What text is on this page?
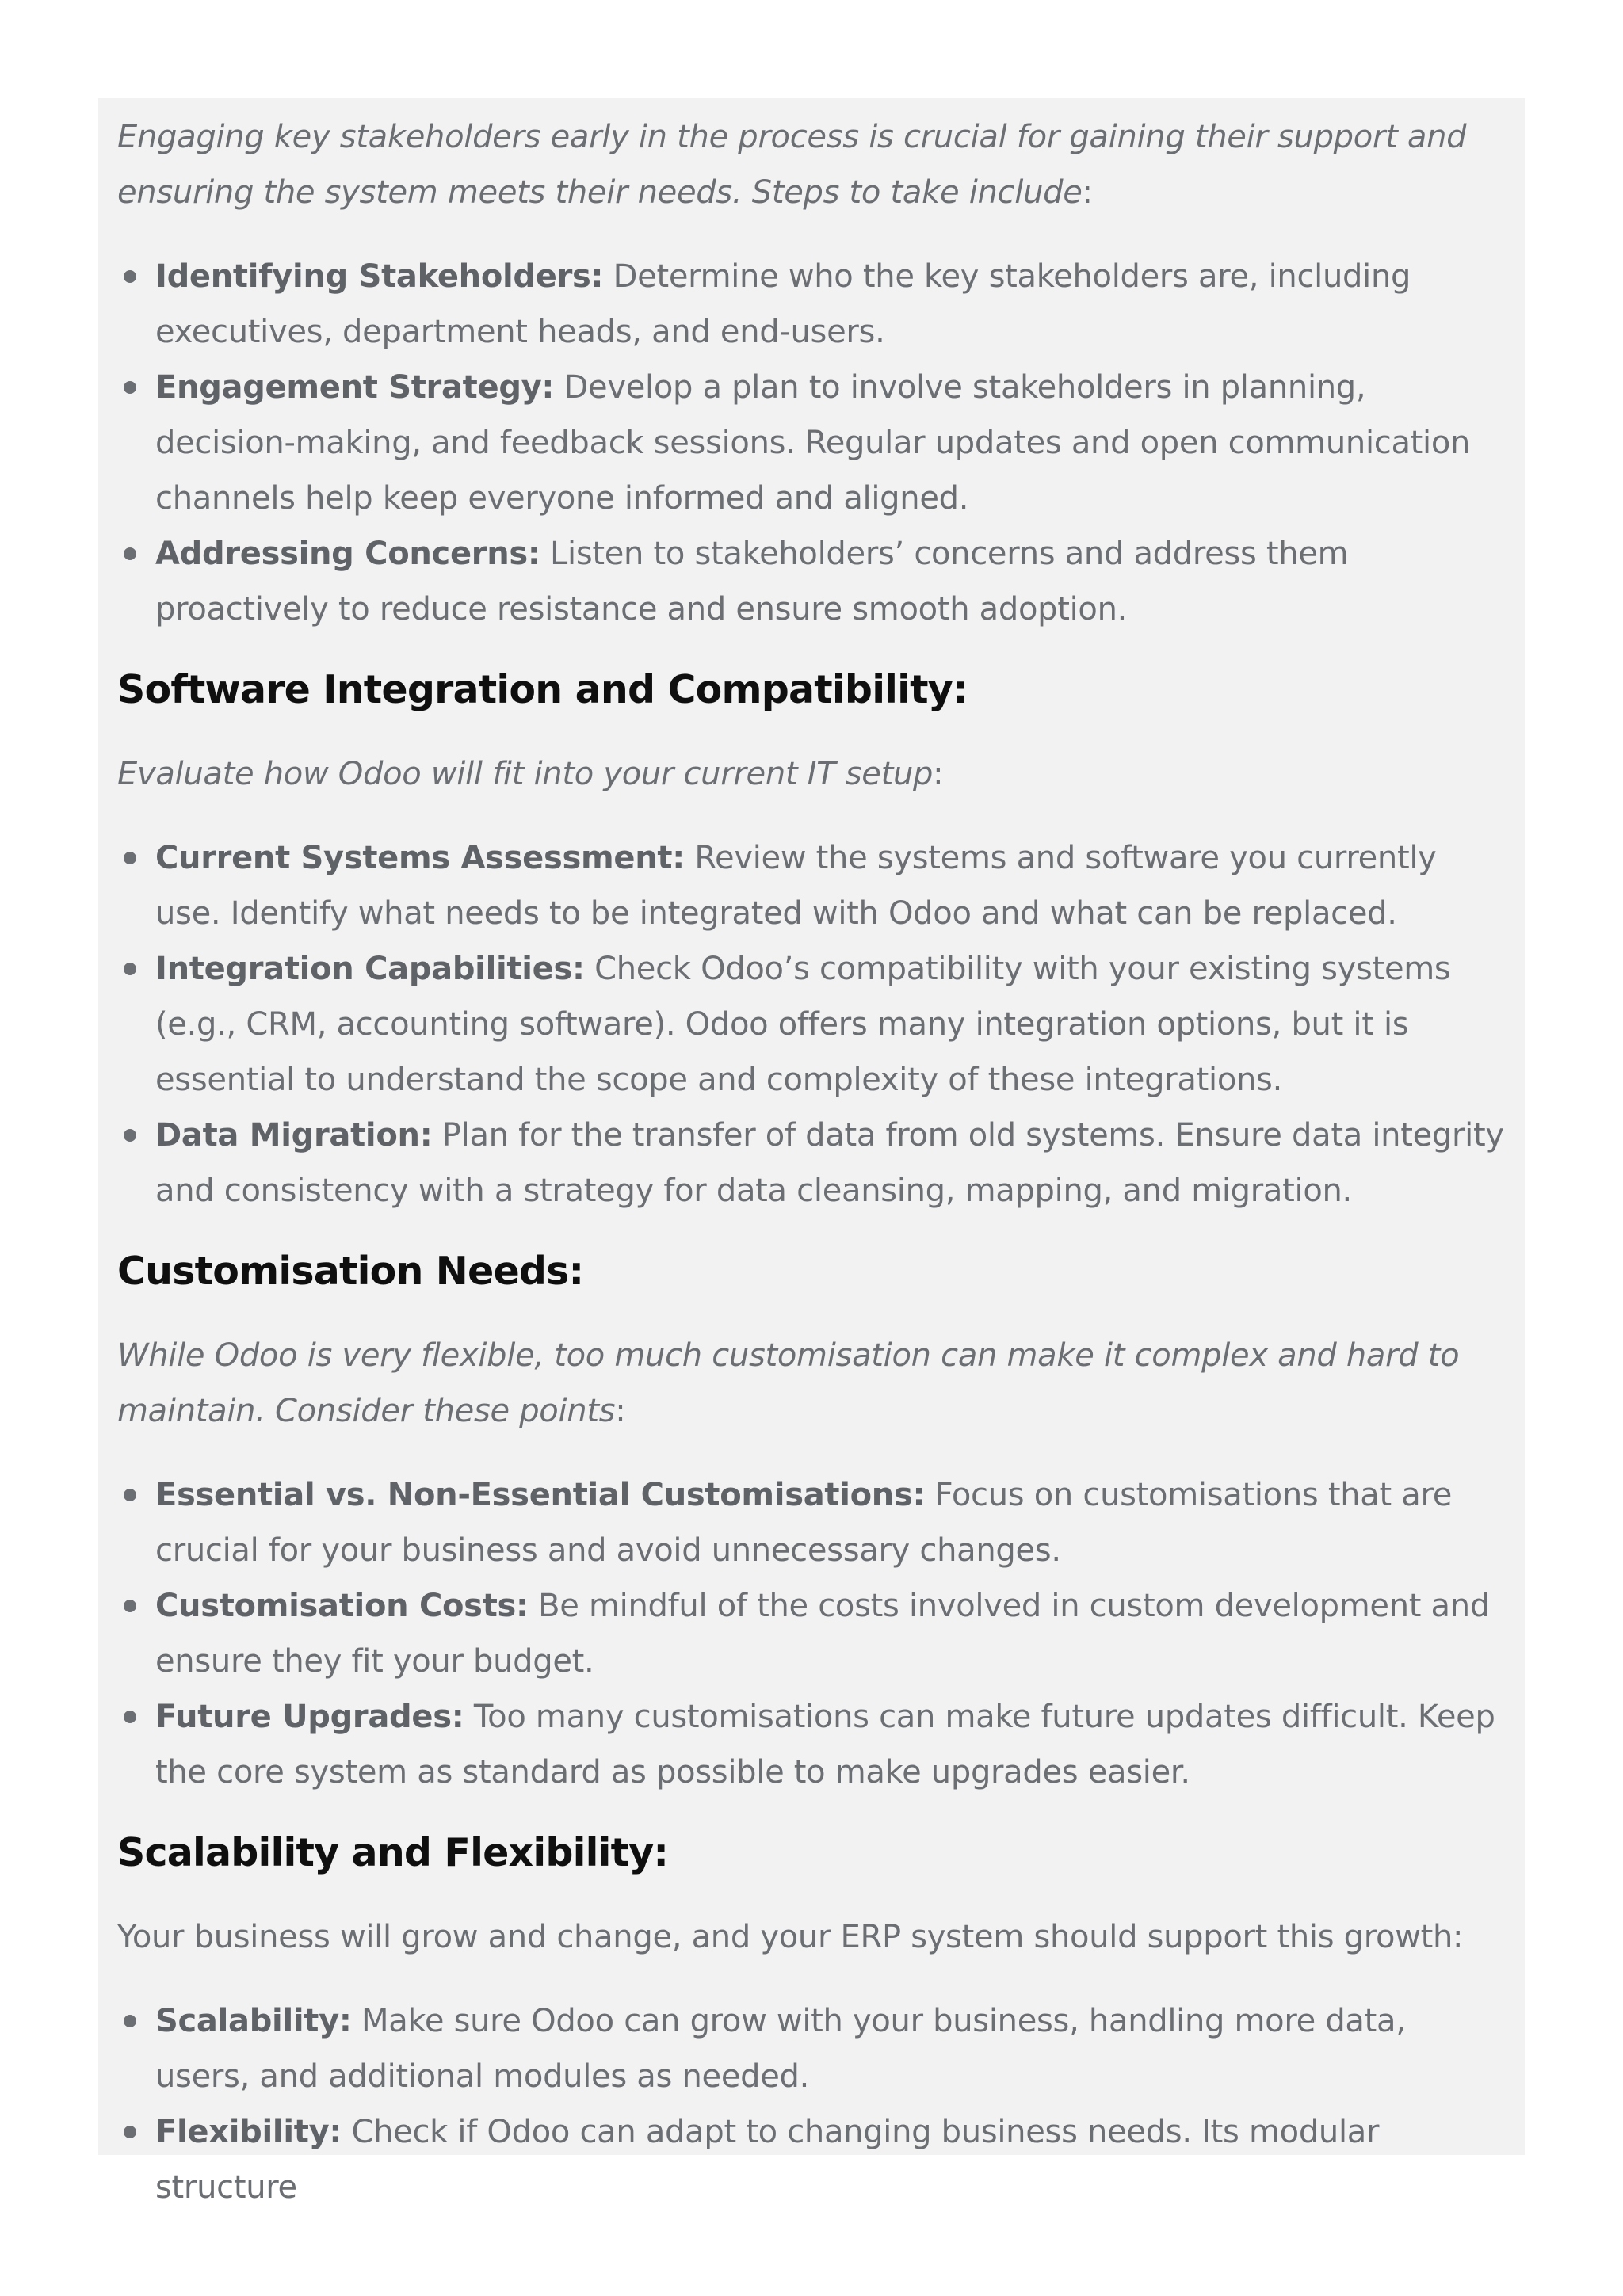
Engaging key stakeholders early in the process is crucial for gaining their support and ensuring the system meets their needs. Steps to take include:

Identifying Stakeholders: Determine who the key stakeholders are, including executives, department heads, and end-users.
Engagement Strategy: Develop a plan to involve stakeholders in planning, decision-making, and feedback sessions. Regular updates and open communication channels help keep everyone informed and aligned.
Addressing Concerns: Listen to stakeholders’ concerns and address them proactively to reduce resistance and ensure smooth adoption.
Software Integration and Compatibility:

Evaluate how Odoo will fit into your current IT setup:

Current Systems Assessment: Review the systems and software you currently use. Identify what needs to be integrated with Odoo and what can be replaced.
Integration Capabilities: Check Odoo’s compatibility with your existing systems (e.g., CRM, accounting software). Odoo offers many integration options, but it is essential to understand the scope and complexity of these integrations.
Data Migration: Plan for the transfer of data from old systems. Ensure data integrity and consistency with a strategy for data cleansing, mapping, and migration.
Customisation Needs:

While Odoo is very flexible, too much customisation can make it complex and hard to maintain. Consider these points:

Essential vs. Non-Essential Customisations: Focus on customisations that are crucial for your business and avoid unnecessary changes.
Customisation Costs: Be mindful of the costs involved in custom development and ensure they fit your budget.
Future Upgrades: Too many customisations can make future updates difficult. Keep the core system as standard as possible to make upgrades easier.
Scalability and Flexibility:

Your business will grow and change, and your ERP system should support this growth:

Scalability: Make sure Odoo can grow with your business, handling more data, users, and additional modules as needed.
Flexibility: Check if Odoo can adapt to changing business needs. Its modular structure
